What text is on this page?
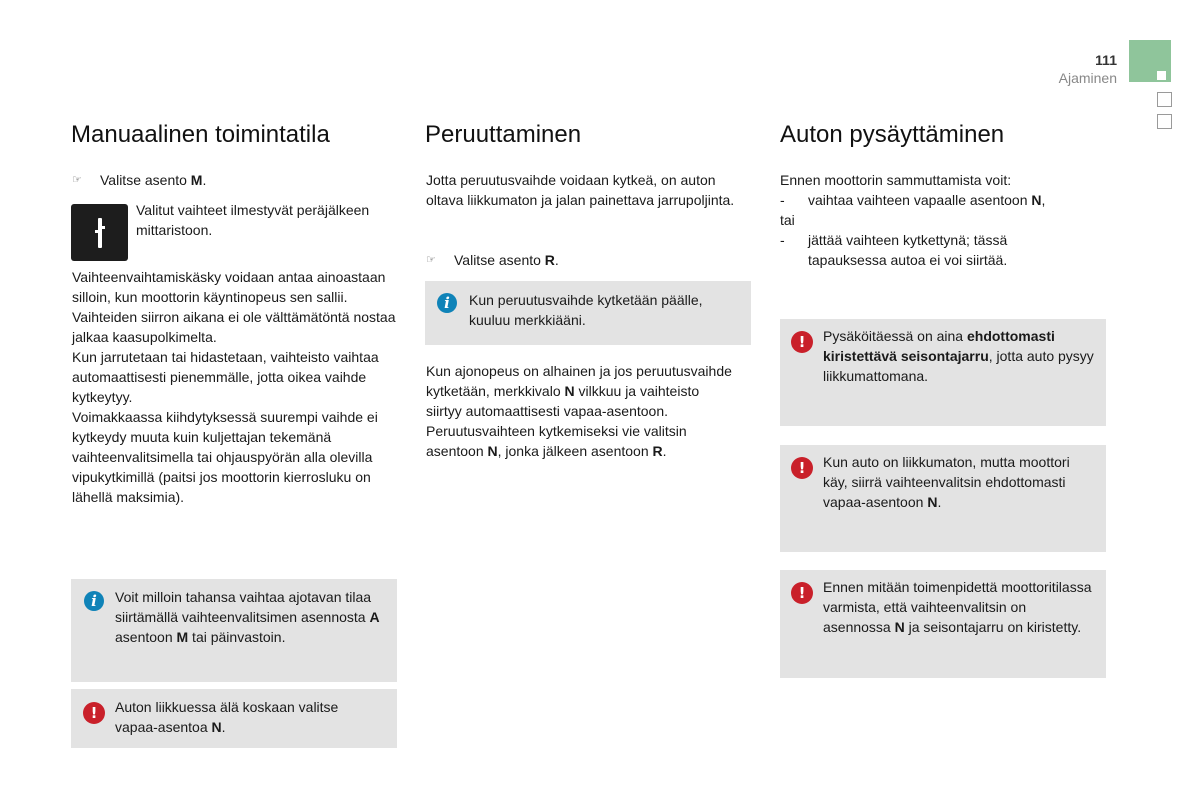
111
Ajaminen
Manuaalinen toimintatila
☞ Valitse asento M.
Valitut vaihteet ilmestyvät peräjälkeen mittaristoon.

Vaihteenvaihtamiskäsky voidaan antaa ainoastaan silloin, kun moottorin käyntinopeus sen sallii.

Vaihteiden siirron aikana ei ole välttämätöntä nostaa jalkaa kaasupolkimelta.

Kun jarrutetaan tai hidastetaan, vaihteisto vaihtaa automaattisesti pienemmälle, jotta oikea vaihde kytkeytyy.

Voimakkaassa kiihdytyksessä suurempi vaihde ei kytkeydy muuta kuin kuljettajan tekemänä vaihteenvalitsimella tai ohjauspyörän alla olevilla vipukytkimillä (paitsi jos moottorin kierrosluku on lähellä maksimia).

i	Voit milloin tahansa vaihtaa ajotavan tilaa siirtämällä vaihteenvalitsimen asennosta A asentoon M tai päinvastoin.
!	Auton liikkuessa älä koskaan valitse vapaa-asentoa N.
Peruuttaminen
Jotta peruutusvaihde voidaan kytkeä, on auton oltava liikkumaton ja jalan painettava jarrupoljinta.
☞ Valitse asento R.
i	Kun peruutusvaihde kytketään päälle, kuuluu merkkiääni.

Kun ajonopeus on alhainen ja jos peruutusvaihde kytketään, merkkivalo N vilkkuu ja vaihteisto siirtyy automaattisesti vapaa-asentoon.

Peruutusvaihteen kytkemiseksi vie valitsin asentoon N, jonka jälkeen asentoon R.

Auton pysäyttäminen

Ennen moottorin sammuttamista voit:

- vaihtaa vaihteen vapaalle asentoon N,

tai

- jättää vaihteen kytkettynä; tässä tapauksessa autoa ei voi siirtää.

!	Pysäköitäessä on aina ehdottomasti kiristettävä seisontajarru, jotta auto pysyy liikkumattomana.
!	Kun auto on liikkumaton, mutta moottori käy, siirrä vaihteenvalitsin ehdottomasti vapaa-asentoon N.
!	Ennen mitään toimenpidettä moottoritilassa varmista, että vaihteenvalitsin on asennossa N ja seisontajarru on kiristetty.
